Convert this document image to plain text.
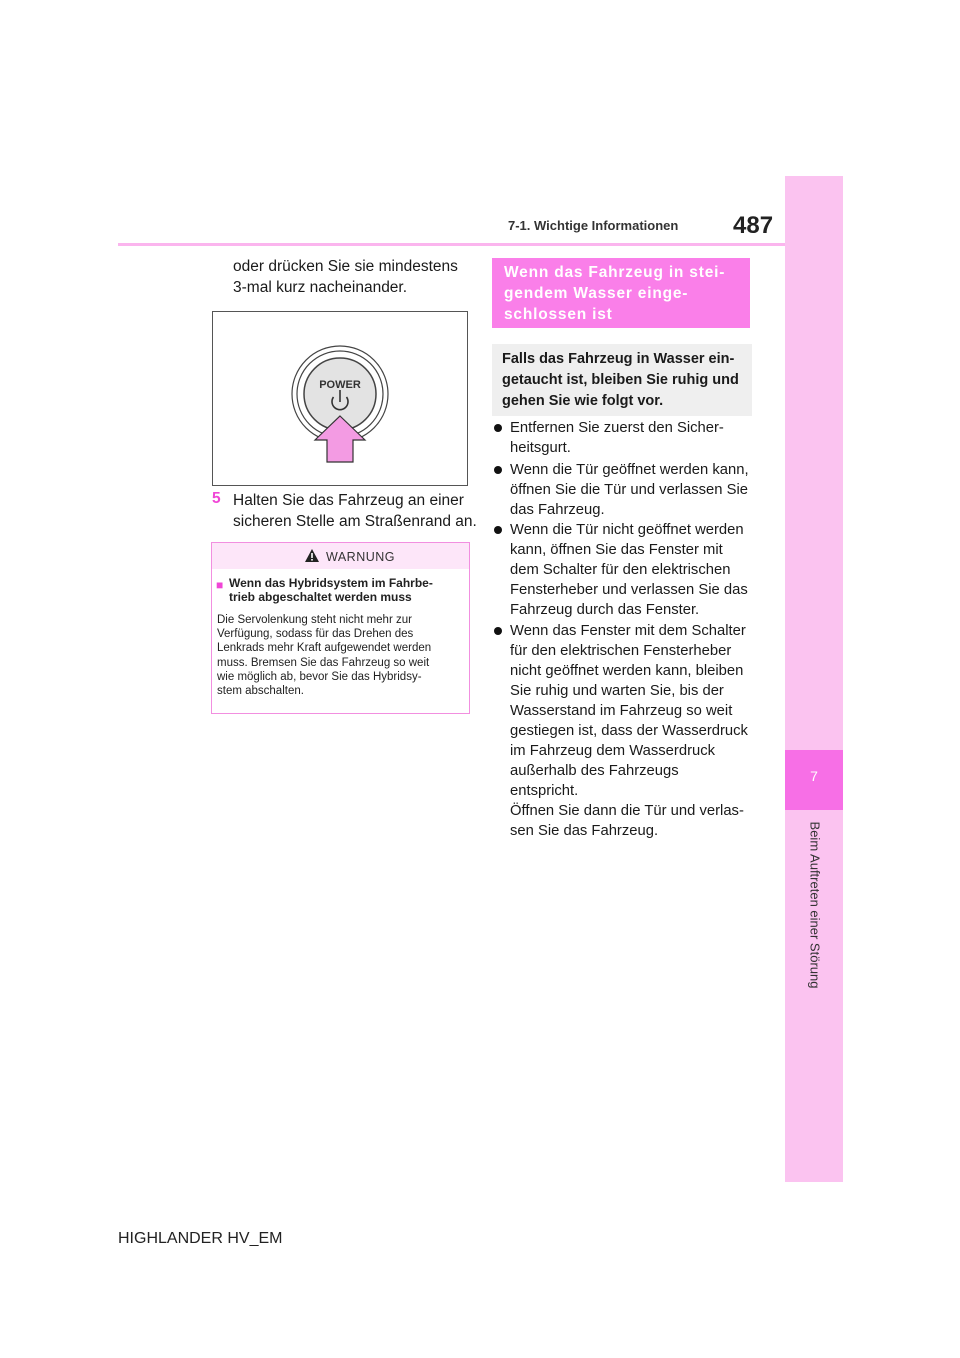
7
Beim Auftreten einer Störung
7-1. Wichtige Informationen 487
oder drücken Sie sie mindestens
3-mal kurz nacheinander.
POWER
5 Halten Sie das Fahrzeug an einer
sicheren Stelle am Straßenrand an.
WARNUNG
■ Wenn das Hybridsystem im Fahrbe-
trieb abgeschaltet werden muss
Die Servolenkung steht nicht mehr zur
Verfügung, sodass für das Drehen des
Lenkrads mehr Kraft aufgewendet werden
muss. Bremsen Sie das Fahrzeug so weit
wie möglich ab, bevor Sie das Hybridsy-
stem abschalten.
Wenn das Fahrzeug in stei-
gendem Wasser einge-
schlossen ist
Falls das Fahrzeug in Wasser ein-
getaucht ist, bleiben Sie ruhig und
gehen Sie wie folgt vor.
Entfernen Sie zuerst den Sicher-
heitsgurt.
Wenn die Tür geöffnet werden kann,
öffnen Sie die Tür und verlassen Sie
das Fahrzeug.
Wenn die Tür nicht geöffnet werden
kann, öffnen Sie das Fenster mit
dem Schalter für den elektrischen
Fensterheber und verlassen Sie das
Fahrzeug durch das Fenster.
Wenn das Fenster mit dem Schalter
für den elektrischen Fensterheber
nicht geöffnet werden kann, bleiben
Sie ruhig und warten Sie, bis der
Wasserstand im Fahrzeug so weit
gestiegen ist, dass der Wasserdruck
im Fahrzeug dem Wasserdruck
außerhalb des Fahrzeugs entspricht.
Öffnen Sie dann die Tür und verlas-
sen Sie das Fahrzeug.
HIGHLANDER HV_EM
